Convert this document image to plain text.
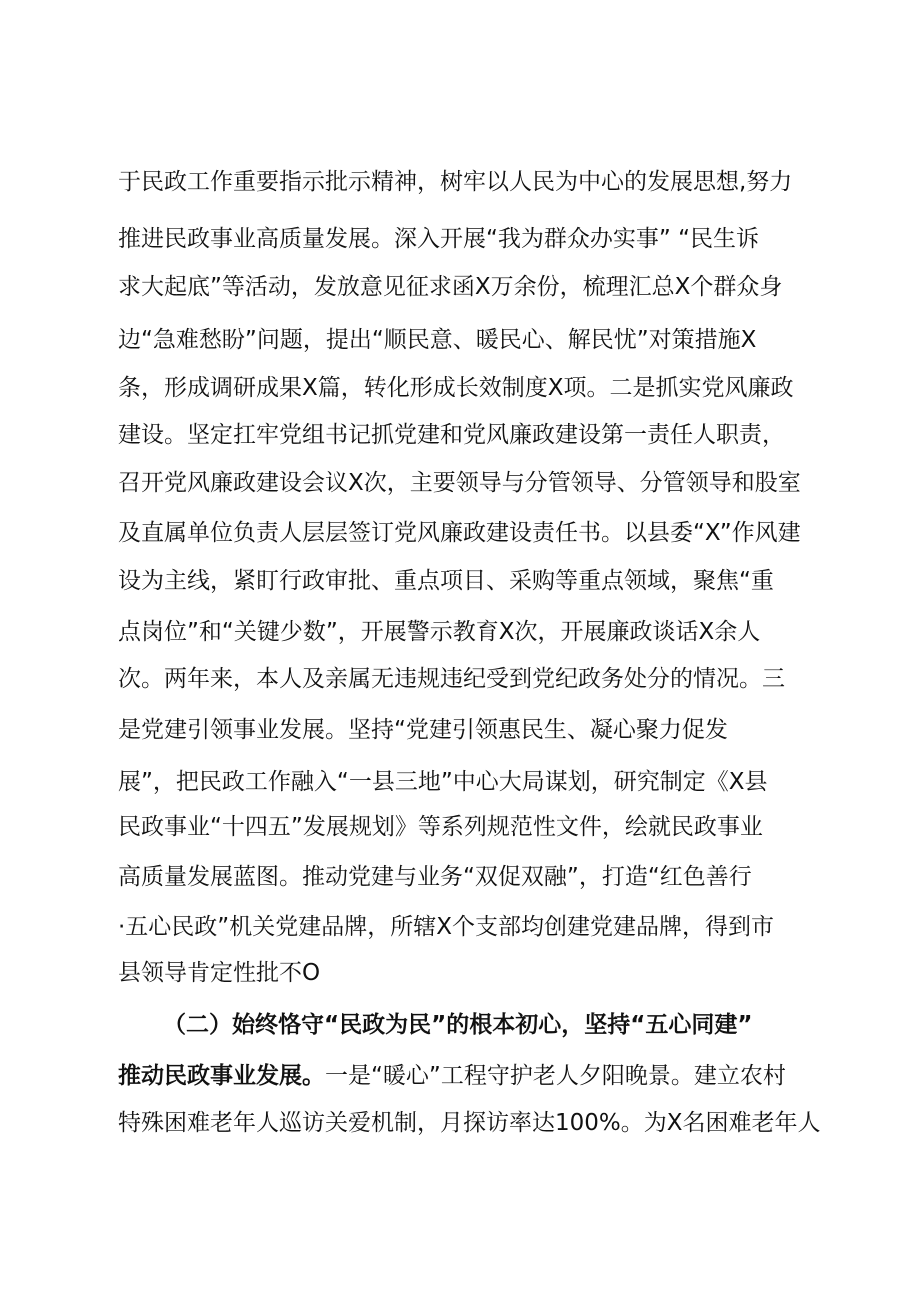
于民政工作重要指示批示精神，树牢以人民为中心的发展思想,努力
推进民政事业高质量发展。深入开展“我为群众办实事” “民生诉
求大起底”等活动，发放意见征求函X万余份，梳理汇总X个群众身
边“急难愁盼”问题，提出“顺民意、暖民心、解民忧”对策措施X
条，形成调研成果X篇，转化形成长效制度X项。二是抓实党风廉政
建设。坚定扛牢党组书记抓党建和党风廉政建设第一责任人职责，
召开党风廉政建设会议X次，主要领导与分管领导、分管领导和股室
及直属单位负责人层层签订党风廉政建设责任书。以县委“X”作风建
设为主线，紧盯行政审批、重点项目、采购等重点领域，聚焦“重
点岗位”和“关键少数”，开展警示教育X次，开展廉政谈话X余人
次。两年来，本人及亲属无违规违纪受到党纪政务处分的情况。三
是党建引领事业发展。坚持“党建引领惠民生、凝心聚力促发
展”，把民政工作融入“一县三地”中心大局谋划，研究制定《X县
民政事业“十四五”发展规划》等系列规范性文件，绘就民政事业
高质量发展蓝图。推动党建与业务“双促双融”，打造“红色善行
·五心民政”机关党建品牌，所辖X个支部均创建党建品牌，得到市
县领导肯定性批不O
（二）始终恪守“民政为民”的根本初心，坚持“五心同建”
推动民政事业发展。一是“暖心”工程守护老人夕阳晚景。建立农村
特殊困难老年人巡访关爱机制，月探访率达100%。为X名困难老年人
